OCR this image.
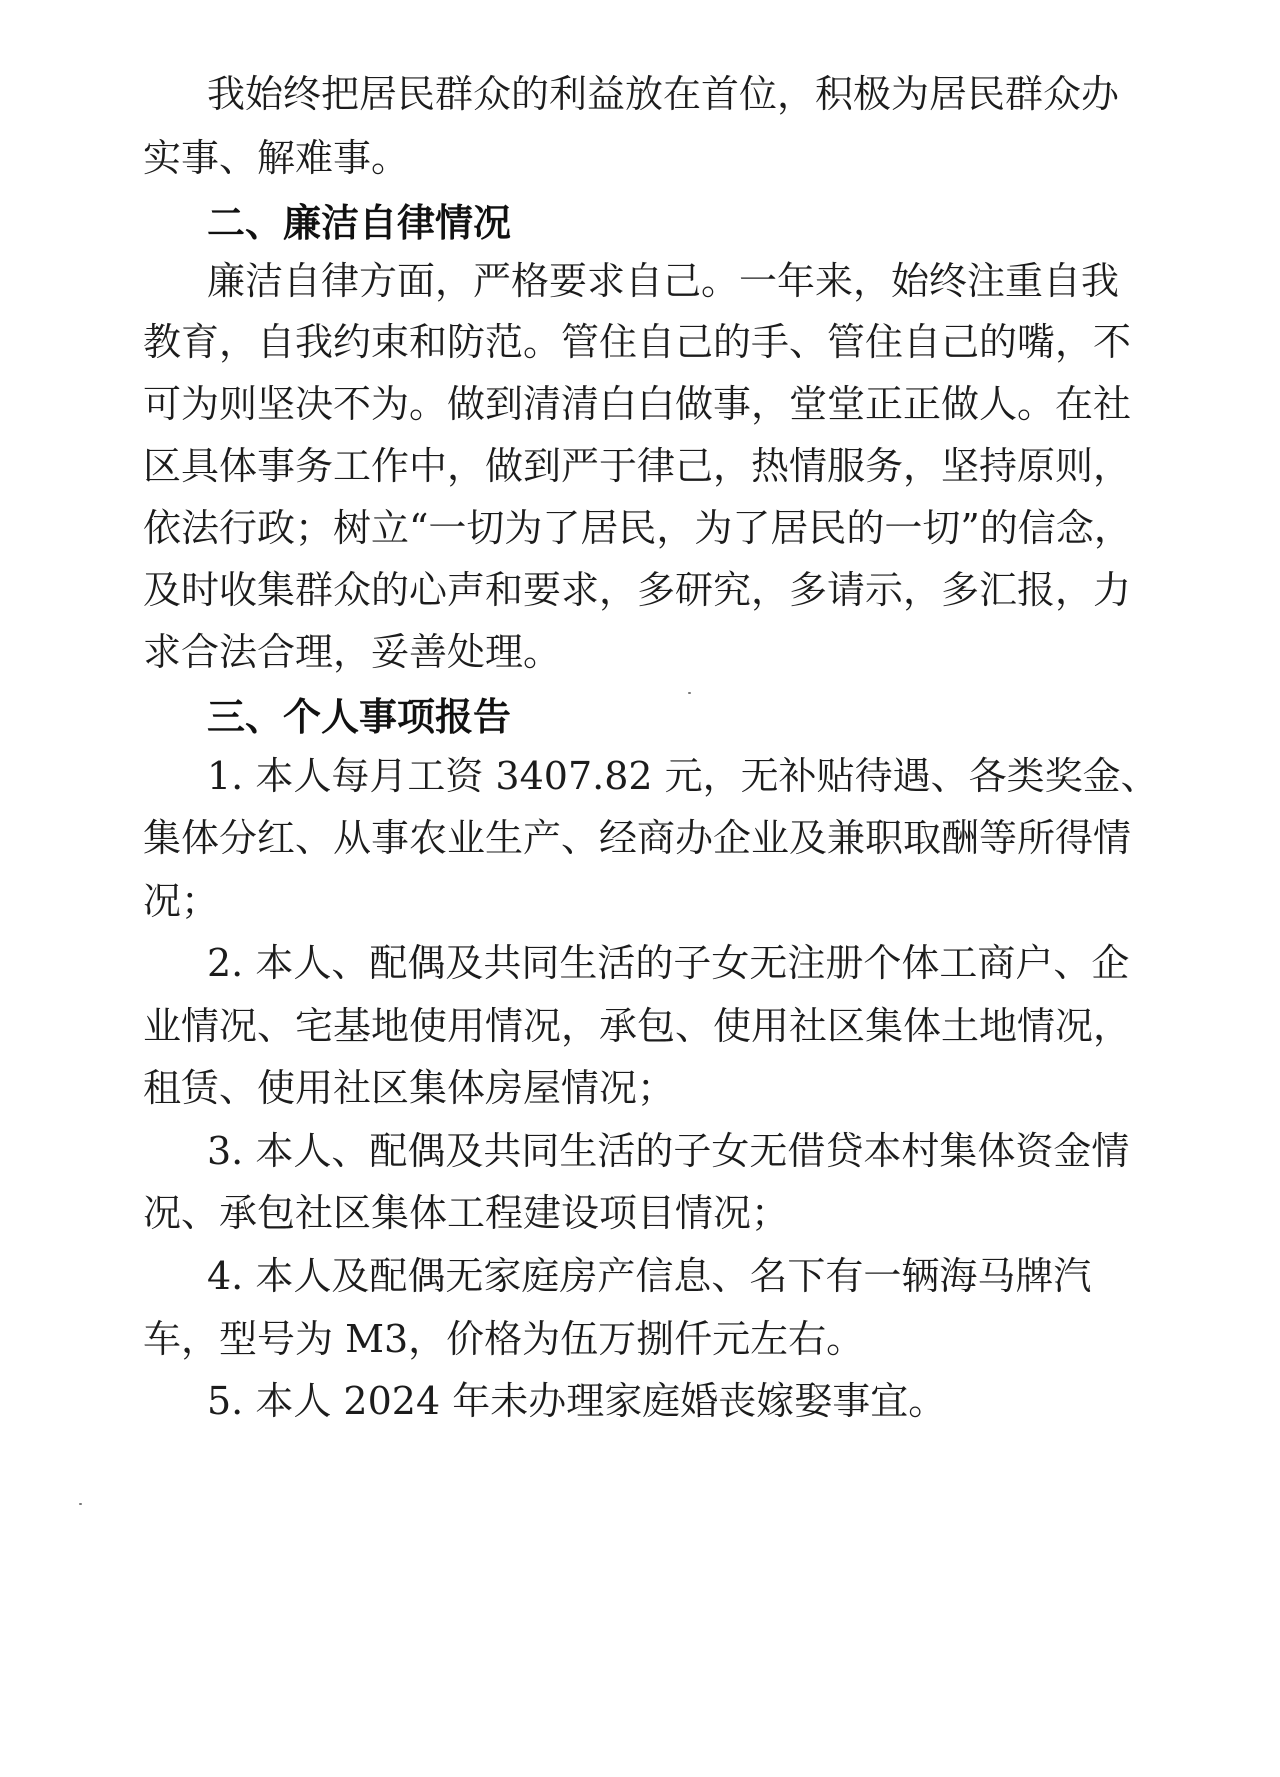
我始终把居民群众的利益放在首位，积极为居民群众办
实事、解难事。
二、廉洁自律情况
廉洁自律方面，严格要求自己。一年来，始终注重自我
教育，自我约束和防范。管住自己的手、管住自己的嘴，不
可为则坚决不为。做到清清白白做事，堂堂正正做人。在社
区具体事务工作中，做到严于律己，热情服务，坚持原则，
依法行政；树立“一切为了居民，为了居民的一切”的信念，
及时收集群众的心声和要求，多研究，多请示，多汇报，力
求合法合理，妥善处理。
三、个人事项报告
1. 本人每月工资 3407.82 元，无补贴待遇、各类奖金、
集体分红、从事农业生产、经商办企业及兼职取酬等所得情
况；
2. 本人、配偶及共同生活的子女无注册个体工商户、企
业情况、宅基地使用情况，承包、使用社区集体土地情况，
租赁、使用社区集体房屋情况；
3. 本人、配偶及共同生活的子女无借贷本村集体资金情
况、承包社区集体工程建设项目情况；
4. 本人及配偶无家庭房产信息、名下有一辆海马牌汽
车，型号为 M3，价格为伍万捌仟元左右。
5. 本人 2024 年未办理家庭婚丧嫁娶事宜。
